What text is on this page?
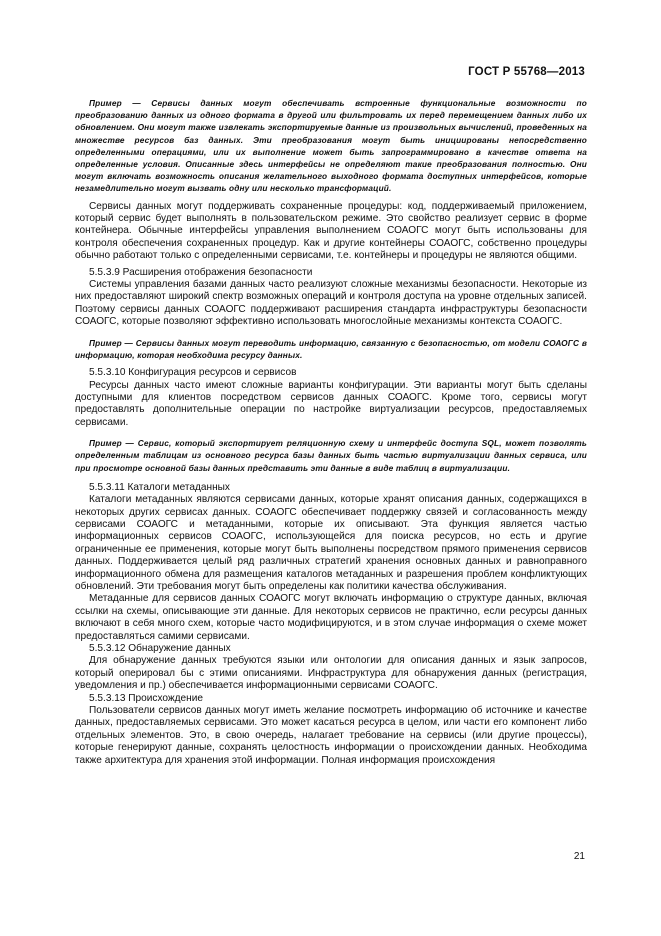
ГОСТ Р 55768—2013

Пример — Сервисы данных могут обеспечивать встроенные функциональные возможности по преобразованию данных из одного формата в другой или фильтровать их перед перемещением данных либо их обновлением. Они могут также извлекать экспортируемые данные из произвольных вычислений, проведенных на множестве ресурсов баз данных. Эти преобразования могут быть инициированы непосредственно определенными операциями, или их выполнение может быть запрограммировано в качестве ответа на определенные условия. Описанные здесь интерфейсы не определяют такие преобразования полностью. Они могут включать возможность описания желательного выходного формата доступных интерфейсов, которые незамедлительно могут вызвать одну или несколько трансформаций.

Сервисы данных могут поддерживать сохраненные процедуры: код, поддерживаемый приложением, который сервис будет выполнять в пользовательском режиме. Это свойство реализует сервис в форме контейнера. Обычные интерфейсы управления выполнением СОАОГС могут быть использованы для контроля обеспечения сохраненных процедур. Как и другие контейнеры СОАОГС, собственно процедуры обычно работают только с определенными сервисами, т.е. контейнеры и процедуры не являются общими.

5.5.3.9 Расширения отображения безопасности

Системы управления базами данных часто реализуют сложные механизмы безопасности. Некоторые из них предоставляют широкий спектр возможных операций и контроля доступа на уровне отдельных записей. Поэтому сервисы данных СОАОГС поддерживают расширения стандарта инфраструктуры безопасности СОАОГС, которые позволяют эффективно использовать многослойные механизмы контекста СОАОГС.

Пример — Сервисы данных могут переводить информацию, связанную с безопасностью, от модели СОАОГС в информацию, которая необходима ресурсу данных.

5.5.3.10 Конфигурация ресурсов и сервисов

Ресурсы данных часто имеют сложные варианты конфигурации. Эти варианты могут быть сделаны доступными для клиентов посредством сервисов данных СОАОГС. Кроме того, сервисы могут предоставлять дополнительные операции по настройке виртуализации ресурсов, предоставляемых сервисами.

Пример — Сервис, который экспортирует реляционную схему и интерфейс доступа SQL, может позволять определенным таблицам из основного ресурса базы данных быть частью виртуализации данных сервиса, или при просмотре основной базы данных представить эти данные в виде таблиц в виртуализации.

5.5.3.11 Каталоги метаданных

Каталоги метаданных являются сервисами данных, которые хранят описания данных, содержащихся в некоторых других сервисах данных. СОАОГС обеспечивает поддержку связей и согласованность между сервисами СОАОГС и метаданными, которые их описывают. Эта функция является частью информационных сервисов СОАОГС, использующейся для поиска ресурсов, но есть и другие ограниченные ее применения, которые могут быть выполнены посредством прямого применения сервисов данных. Поддерживается целый ряд различных стратегий хранения основных данных и равноправного информационного обмена для размещения каталогов метаданных и разрешения проблем конфликтующих обновлений. Эти требования могут быть определены как политики качества обслуживания.

Метаданные для сервисов данных СОАОГС могут включать информацию о структуре данных, включая ссылки на схемы, описывающие эти данные. Для некоторых сервисов не практично, если ресурсы данных включают в себя много схем, которые часто модифицируются, и в этом случае информация о схеме может предоставляться самими сервисами.

5.5.3.12 Обнаружение данных

Для обнаружение данных требуются языки или онтологии для описания данных и язык запросов, который оперировал бы с этими описаниями. Инфраструктура для обнаружения данных (регистрация, уведомления и пр.) обеспечивается информационными сервисами СОАОГС.

5.5.3.13 Происхождение

Пользователи сервисов данных могут иметь желание посмотреть информацию об источнике и качестве данных, предоставляемых сервисами. Это может касаться ресурса в целом, или части его компонент либо отдельных элементов. Это, в свою очередь, налагает требование на сервисы (или другие процессы), которые генерируют данные, сохранять целостность информации о происхождении данных. Необходима также архитектура для хранения этой информации. Полная информация происхождения

21
